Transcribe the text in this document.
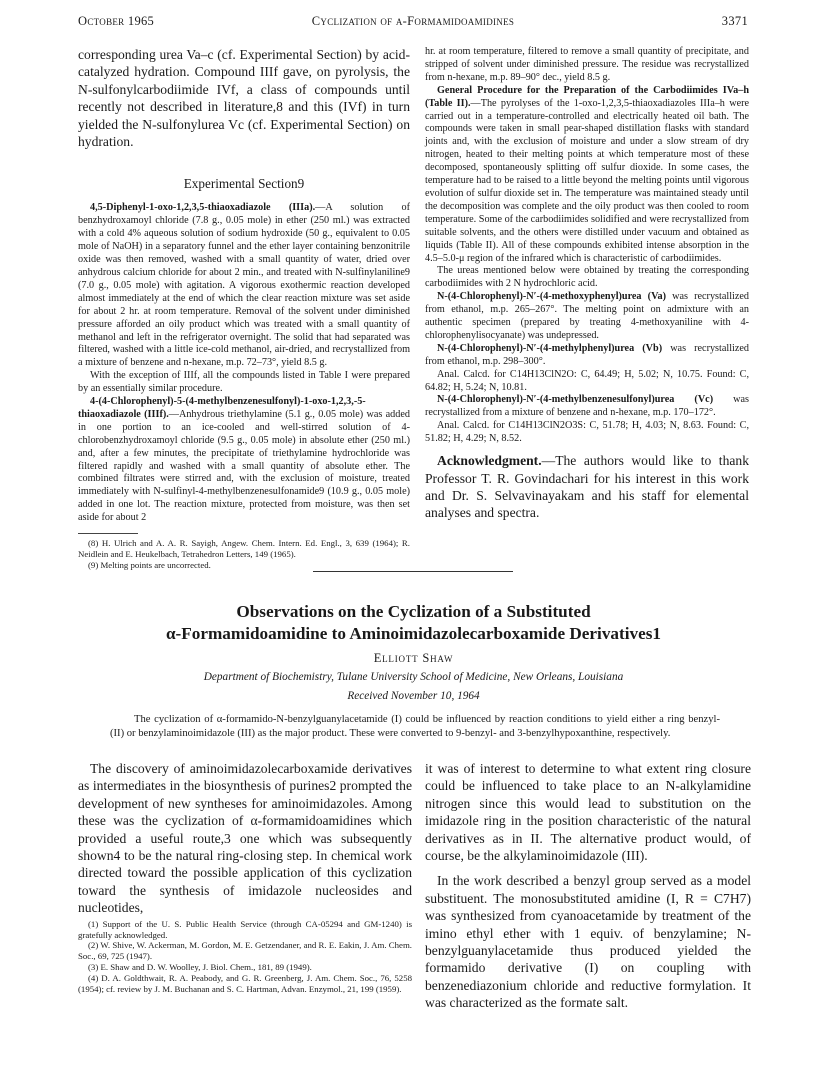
October 1965	Cyclization of α-Formamidoamidines	3371

corresponding urea Va–c (cf. Experimental Section) by acid-catalyzed hydration. Compound IIIf gave, on pyrolysis, the N-sulfonylcarbodiimide IVf, a class of compounds until recently not described in literature,8 and this (IVf) in turn yielded the N-sulfonylurea Vc (cf. Experimental Section) on hydration.

Experimental Section9

4,5-Diphenyl-1-oxo-1,2,3,5-thiaoxadiazole (IIIa).—A solution of benzhydroxamoyl chloride (7.8 g., 0.05 mole) in ether (250 ml.) was extracted with a cold 4% aqueous solution of sodium hydroxide (50 g., equivalent to 0.05 mole of NaOH) in a separatory funnel and the ether layer containing benzonitrile oxide was then removed, washed with a small quantity of water, dried over anhydrous calcium chloride for about 2 min., and treated with N-sulfinylaniline9 (7.0 g., 0.05 mole) with agitation. A vigorous exothermic reaction developed almost immediately at the end of which the clear reaction mixture was set aside for about 2 hr. at room temperature. Removal of the solvent under diminished pressure afforded an oily product which was treated with a small quantity of methanol and left in the refrigerator overnight. The solid that had separated was filtered, washed with a little ice-cold methanol, air-dried, and recrystallized from a mixture of benzene and n-hexane, m.p. 72–73°, yield 8.5 g.

With the exception of IIIf, all the compounds listed in Table I were prepared by an essentially similar procedure.

4-(4-Chlorophenyl)-5-(4-methylbenzenesulfonyl)-1-oxo-1,2,3,-5-thiaoxadiazole (IIIf).—Anhydrous triethylamine (5.1 g., 0.05 mole) was added in one portion to an ice-cooled and well-stirred solution of 4-chlorobenzhydroxamoyl chloride (9.5 g., 0.05 mole) in absolute ether (250 ml.) and, after a few minutes, the precipitate of triethylamine hydrochloride was filtered rapidly and washed with a small quantity of absolute ether. The combined filtrates were stirred and, with the exclusion of moisture, treated immediately with N-sulfinyl-4-methylbenzenesulfonamide9 (10.9 g., 0.05 mole) added in one lot. The reaction mixture, protected from moisture, was then set aside for about 2

(8) H. Ulrich and A. A. R. Sayigh, Angew. Chem. Intern. Ed. Engl., 3, 639 (1964); R. Neidlein and E. Heukelbach, Tetrahedron Letters, 149 (1965).

(9) Melting points are uncorrected.

hr. at room temperature, filtered to remove a small quantity of precipitate, and stripped of solvent under diminished pressure. The residue was recrystallized from n-hexane, m.p. 89–90° dec., yield 8.5 g.

General Procedure for the Preparation of the Carbodiimides IVa–h (Table II).—The pyrolyses of the 1-oxo-1,2,3,5-thiaoxadiazoles IIIa–h were carried out in a temperature-controlled and electrically heated oil bath. The compounds were taken in small pear-shaped distillation flasks with standard joints and, with the exclusion of moisture and under a slow stream of dry nitrogen, heated to their melting points at which temperature most of these decomposed, spontaneously splitting off sulfur dioxide. In some cases, the temperature had to be raised to a little beyond the melting points until vigorous evolution of sulfur dioxide set in. The temperature was maintained steady until the decomposition was complete and the oily product was then cooled to room temperature. Some of the carbodiimides solidified and were recrystallized from suitable solvents, and the others were distilled under vacuum and obtained as liquids (Table II). All of these compounds exhibited intense absorption in the 4.5–5.0-μ region of the infrared which is characteristic of carbodiimides.

The ureas mentioned below were obtained by treating the corresponding carbodiimides with 2 N hydrochloric acid.

N-(4-Chlorophenyl)-N′-(4-methoxyphenyl)urea (Va) was recrystallized from ethanol, m.p. 265–267°. The melting point on admixture with an authentic specimen (prepared by treating 4-methoxyaniline with 4-chlorophenylisocyanate) was undepressed.

N-(4-Chlorophenyl)-N′-(4-methylphenyl)urea (Vb) was recrystallized from ethanol, m.p. 298–300°.

Anal. Calcd. for C14H13ClN2O: C, 64.49; H, 5.02; N, 10.75. Found: C, 64.82; H, 5.24; N, 10.81.

N-(4-Chlorophenyl)-N′-(4-methylbenzenesulfonyl)urea (Vc) was recrystallized from a mixture of benzene and n-hexane, m.p. 170–172°.

Anal. Calcd. for C14H13ClN2O3S: C, 51.78; H, 4.03; N, 8.63. Found: C, 51.82; H, 4.29; N, 8.52.

Acknowledgment.—The authors would like to thank Professor T. R. Govindachari for his interest in this work and Dr. S. Selvavinayakam and his staff for elemental analyses and spectra.

Observations on the Cyclization of a Substituted
α-Formamidoamidine to Aminoimidazolecarboxamide Derivatives1
Elliott Shaw
Department of Biochemistry, Tulane University School of Medicine, New Orleans, Louisiana
Received November 10, 1964

The cyclization of α-formamido-N-benzylguanylacetamide (I) could be influenced by reaction conditions to yield either a ring benzyl- (II) or benzylaminoimidazole (III) as the major product. These were converted to 9-benzyl- and 3-benzylhypoxanthine, respectively.

The discovery of aminoimidazolecarboxamide derivatives as intermediates in the biosynthesis of purines2 prompted the development of new syntheses for aminoimidazoles. Among these was the cyclization of α-formamidoamidines which provided a useful route,3 one which was subsequently shown4 to be the natural ring-closing step. In chemical work directed toward the possible application of this cyclization toward the synthesis of imidazole nucleosides and nucleotides,

(1) Support of the U. S. Public Health Service (through CA-05294 and GM-1240) is gratefully acknowledged.

(2) W. Shive, W. Ackerman, M. Gordon, M. E. Getzendaner, and R. E. Eakin, J. Am. Chem. Soc., 69, 725 (1947).

(3) E. Shaw and D. W. Woolley, J. Biol. Chem., 181, 89 (1949).

(4) D. A. Goldthwait, R. A. Peabody, and G. R. Greenberg, J. Am. Chem. Soc., 76, 5258 (1954); cf. review by J. M. Buchanan and S. C. Hartman, Advan. Enzymol., 21, 199 (1959).

it was of interest to determine to what extent ring closure could be influenced to take place to an N-alkylamidine nitrogen since this would lead to substitution on the imidazole ring in the position characteristic of the natural derivatives as in II. The alternative product would, of course, be the alkylaminoimidazole (III).

In the work described a benzyl group served as a model substituent. The monosubstituted amidine (I, R = C7H7) was synthesized from cyanoacetamide by treatment of the imino ethyl ether with 1 equiv. of benzylamine; N-benzylguanylacetamide thus produced yielded the formamido derivative (I) on coupling with benzenediazonium chloride and reductive formylation. It was characterized as the formate salt.
